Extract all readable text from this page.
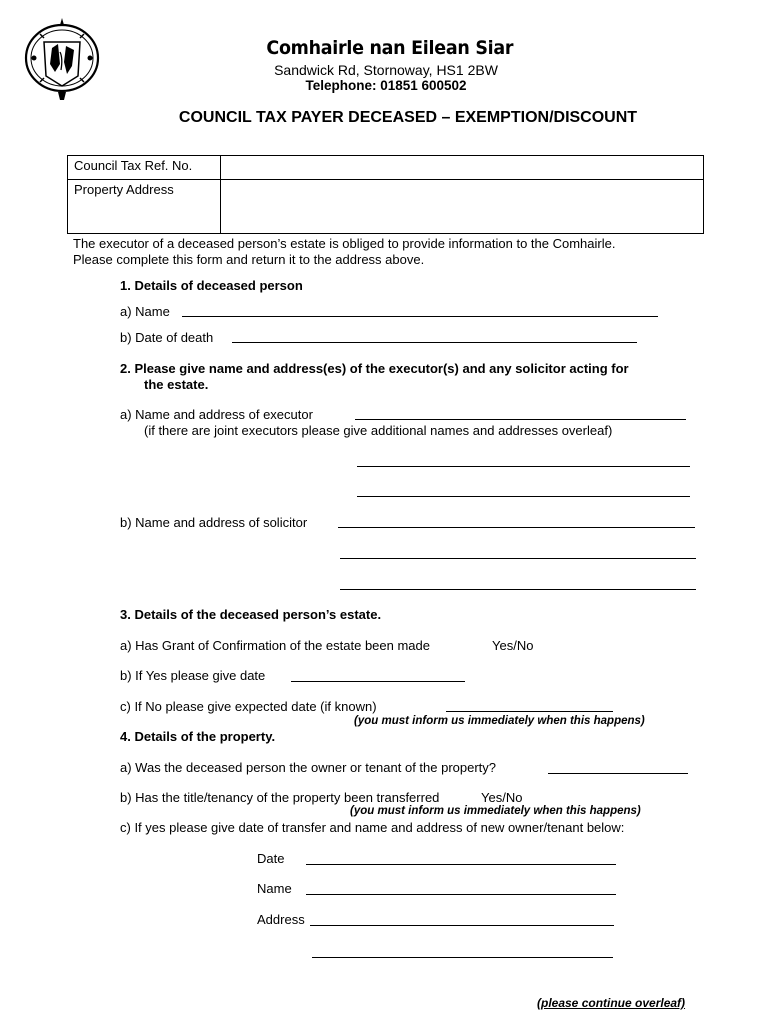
Comhairle nan Eilean Siar
Sandwick Rd, Stornoway, HS1 2BW
Telephone: 01851 600502
COUNCIL TAX PAYER DECEASED – EXEMPTION/DISCOUNT
Council Tax Ref. No.	
Property Address	
The executor of a deceased person’s estate is obliged to provide information to the Comhairle.
Please complete this form and return it to the address above.
1. Details of deceased person
a) Name
b) Date of death
2. Please give name and address(es) of the executor(s) and any solicitor acting for
the estate.
a) Name and address of executor
(if there are joint executors please give additional names and addresses overleaf)
b) Name and address of solicitor
3. Details of the deceased person’s estate.
a) Has Grant of Confirmation of the estate been made	Yes/No
b) If Yes please give date
c) If No please give expected date (if known)
(you must inform us immediately when this happens)
4. Details of the property.
a) Was the deceased person the owner or tenant of the property?
b) Has the title/tenancy of the property been transferred	Yes/No
(you must inform us immediately when this happens)
c) If yes please give date of transfer and name and address of new owner/tenant below:
Date
Name
Address
(please continue overleaf)
